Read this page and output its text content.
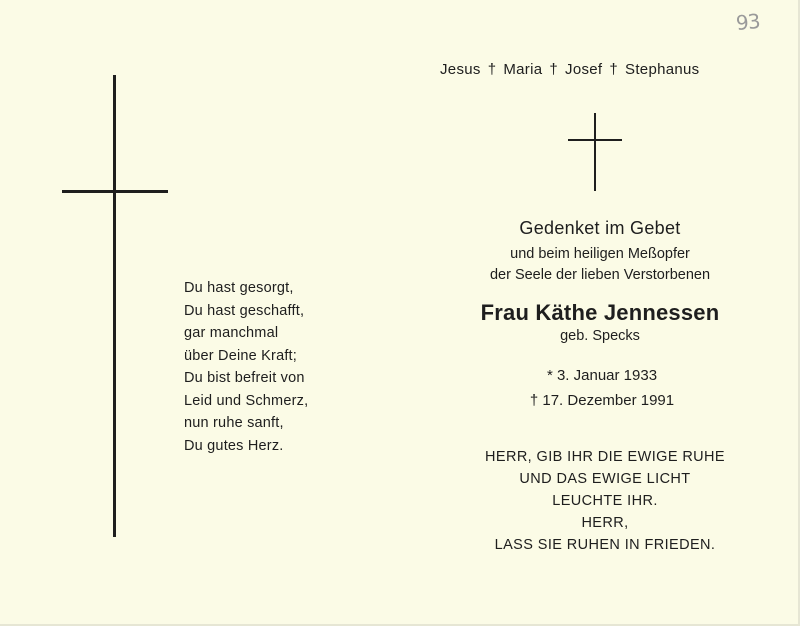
93
Jesus † Maria † Josef † Stephanus
Du hast gesorgt,
Du hast geschafft,
gar manchmal
über Deine Kraft;
Du bist befreit von
Leid und Schmerz,
nun ruhe sanft,
Du gutes Herz.
Gedenket im Gebet
und beim heiligen Meßopfer
der Seele der lieben Verstorbenen
Frau Käthe Jennessen
geb. Specks
* 3. Januar 1933
† 17. Dezember 1991
HERR, GIB IHR DIE EWIGE RUHE
UND DAS EWIGE LICHT
LEUCHTE IHR.
HERR,
LASS SIE RUHEN IN FRIEDEN.
